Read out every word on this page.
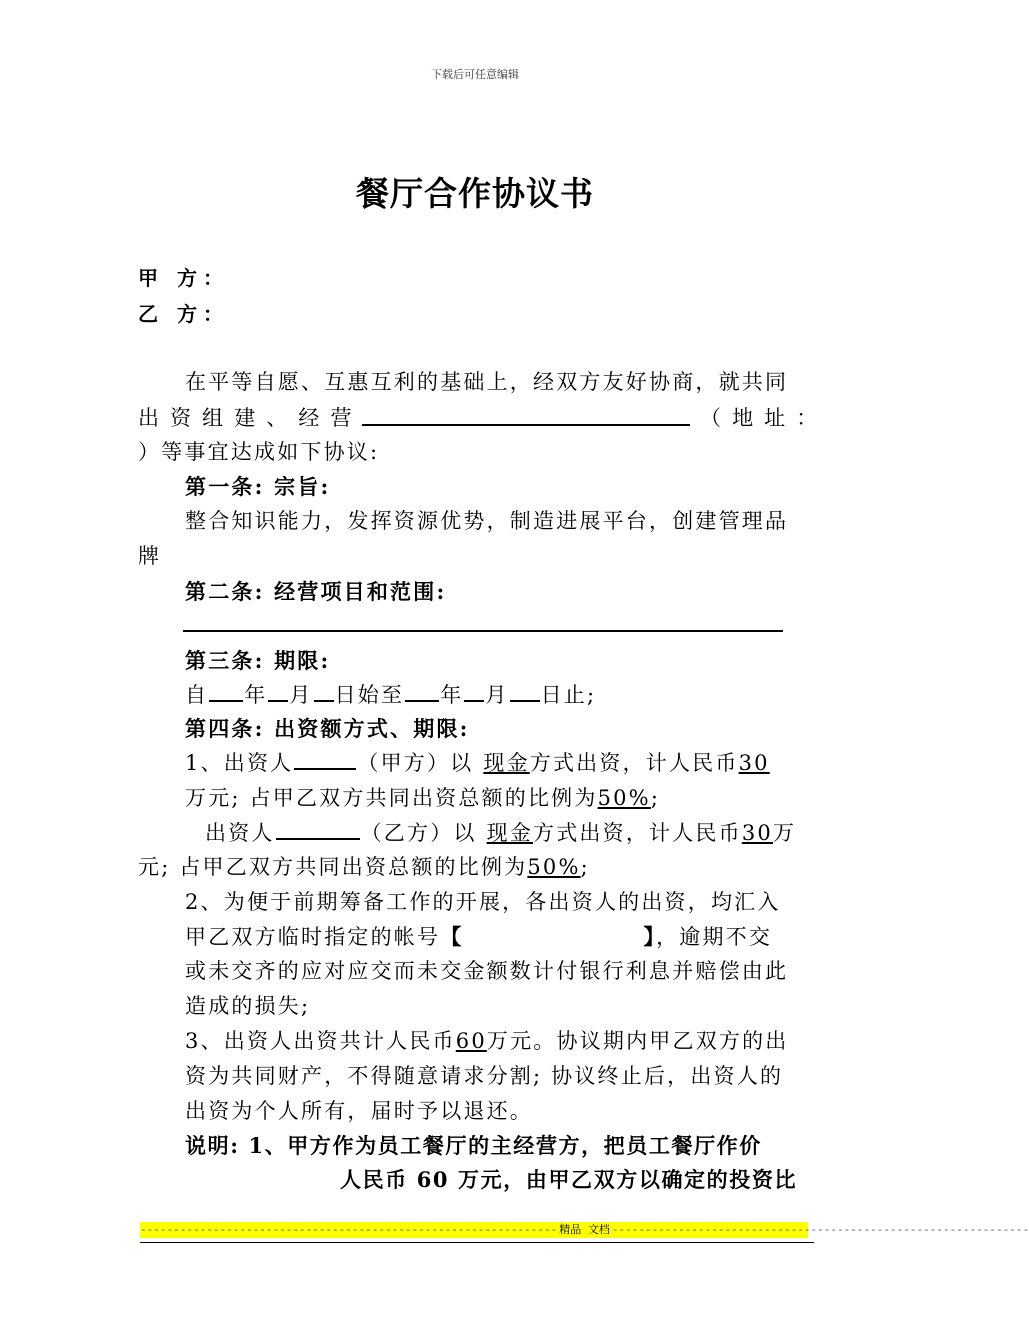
下载后可任意编辑
餐厅合作协议书
甲 方：
乙 方：
在平等自愿、互惠互利的基础上，经双方友好协商，就共同
出 资 组 建 、 经 营	（ 地 址 ：
）等事宜达成如下协议:
第一条: 宗旨:
整合知识能力，发挥资源优势，制造进展平台，创建管理品
牌
第二条: 经营项目和范围:
第三条: 期限:
自 年 月 日始至 年 月 日止;
第四条: 出资额方式、期限:
1、出资人	（甲方）以 现金方式出资，计人民币30
万元; 占甲乙双方共同出资总额的比例为50%;
出资人	（乙方）以 现金方式出资，计人民币30万
元; 占甲乙双方共同出资总额的比例为50%;
2、为便于前期筹备工作的开展，各出资人的出资，均汇入
甲乙双方临时指定的帐号【	】，逾期不交
或未交齐的应对应交而未交金额数计付银行利息并赔偿由此
造成的损失;
3、出资人出资共计人民币60万元。协议期内甲乙双方的出
资为共同财产，不得随意请求分割; 协议终止后，出资人的
出资为个人所有，届时予以退还。
说明: 1、甲方作为员工餐厅的主经营方，把员工餐厅作价
人民币 60 万元，由甲乙双方以确定的投资比
--------------------------------------------------------------- 精品 文档 ---------------------------------------------------------------
